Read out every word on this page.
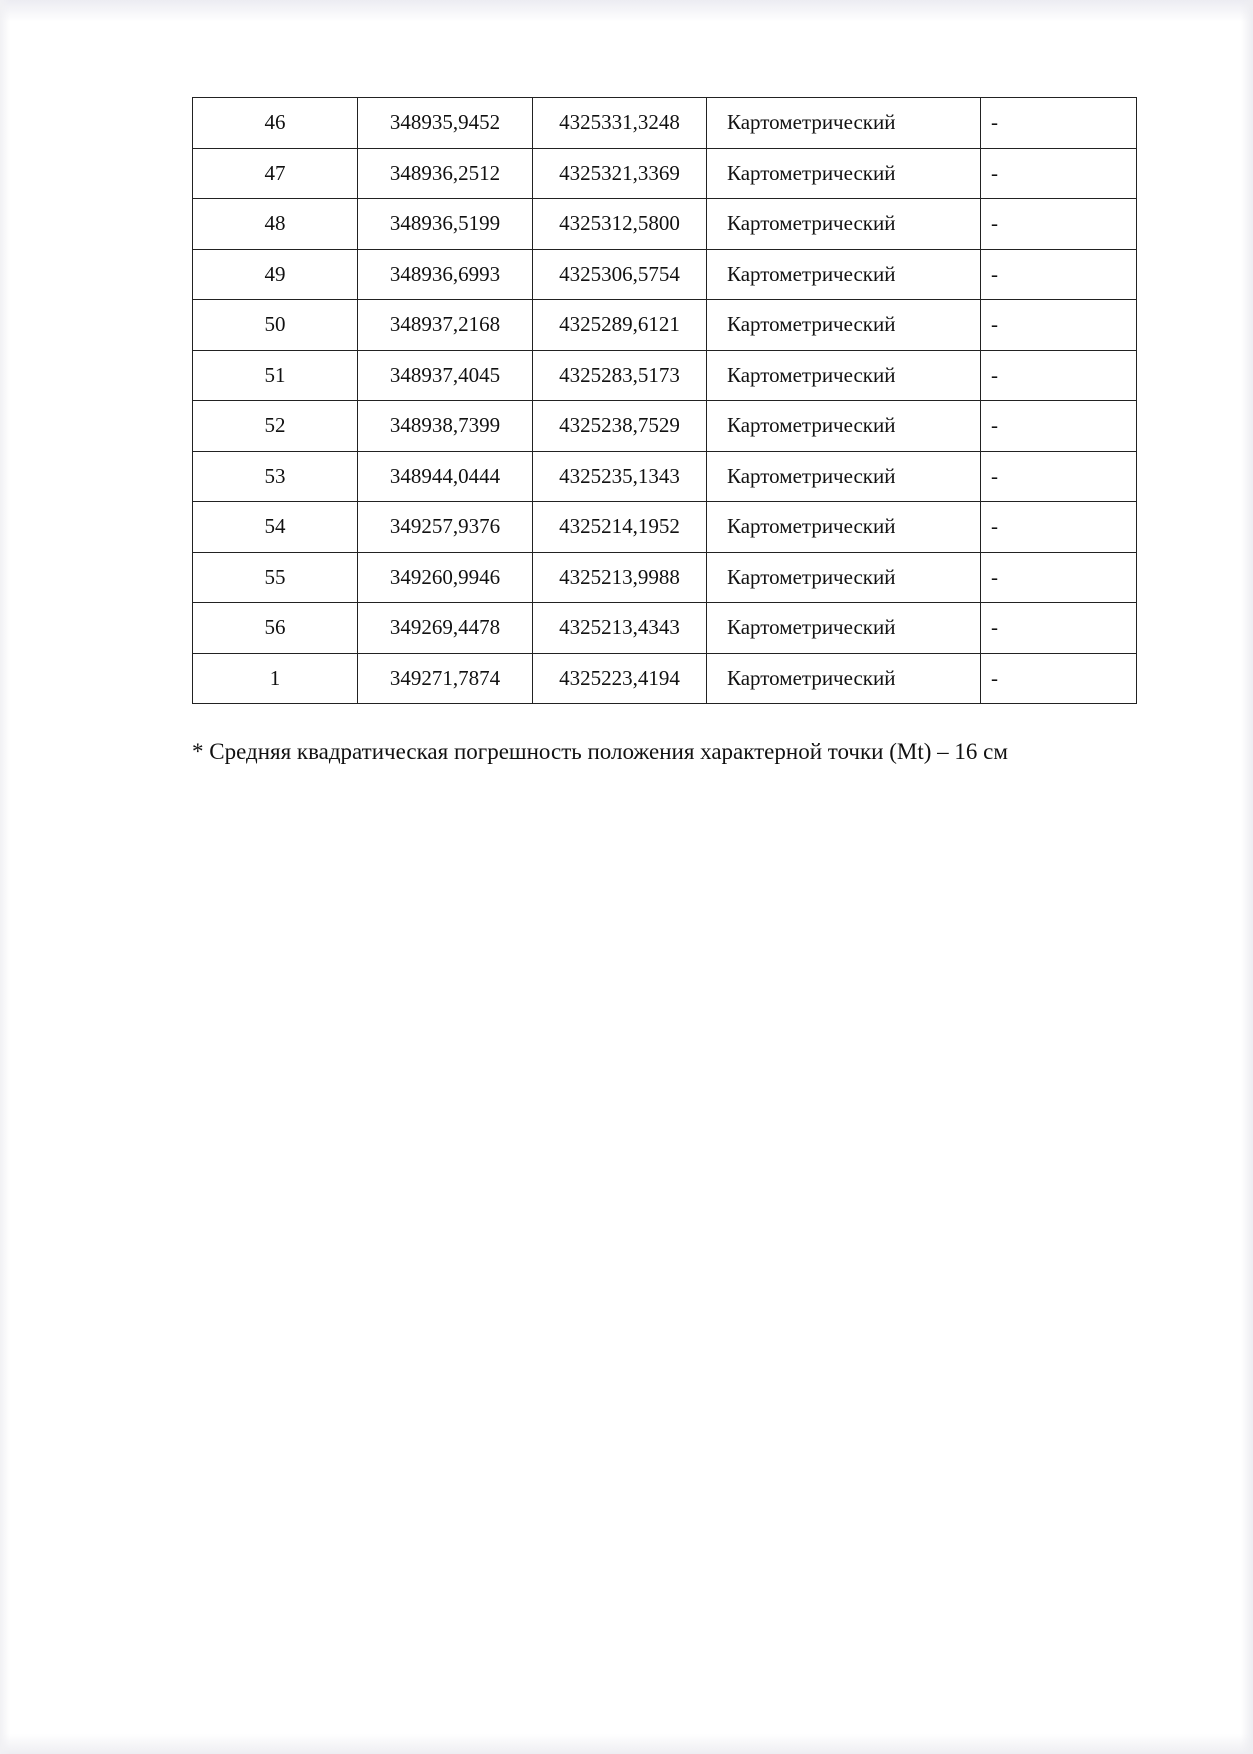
46	348935,9452	4325331,3248	Картометрический	-
47	348936,2512	4325321,3369	Картометрический	-
48	348936,5199	4325312,5800	Картометрический	-
49	348936,6993	4325306,5754	Картометрический	-
50	348937,2168	4325289,6121	Картометрический	-
51	348937,4045	4325283,5173	Картометрический	-
52	348938,7399	4325238,7529	Картометрический	-
53	348944,0444	4325235,1343	Картометрический	-
54	349257,9376	4325214,1952	Картометрический	-
55	349260,9946	4325213,9988	Картометрический	-
56	349269,4478	4325213,4343	Картометрический	-
1	349271,7874	4325223,4194	Картометрический	-
* Средняя квадратическая погрешность положения характерной точки (Mt) – 16 см
